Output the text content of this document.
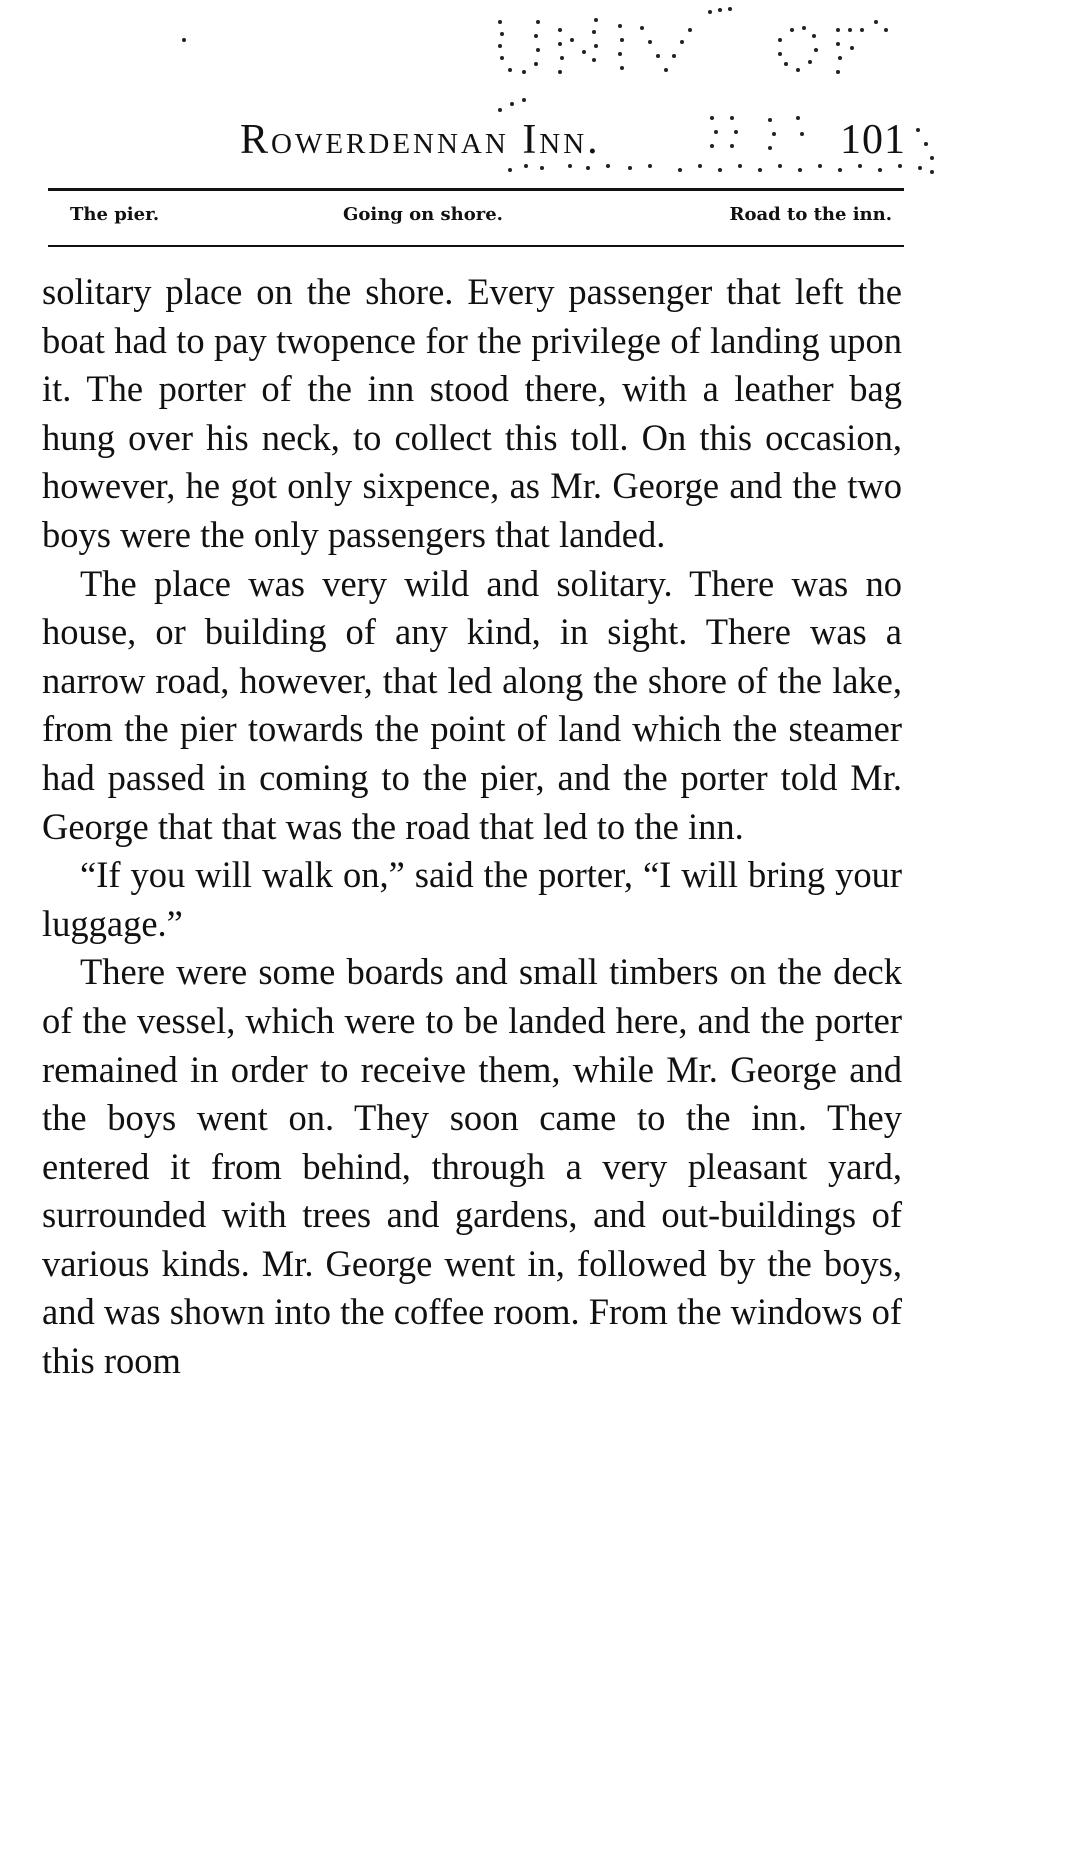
Rowerdennan Inn.	101
The pier.	Going on shore.	Road to the inn.

solitary place on the shore. Every passenger that left the boat had to pay twopence for the privilege of landing upon it. The porter of the inn stood there, with a leather bag hung over his neck, to collect this toll. On this occasion, however, he got only sixpence, as Mr. George and the two boys were the only passengers that landed.

The place was very wild and solitary. There was no house, or building of any kind, in sight. There was a narrow road, however, that led along the shore of the lake, from the pier towards the point of land which the steamer had passed in coming to the pier, and the porter told Mr. George that that was the road that led to the inn.

“If you will walk on,” said the porter, “I will bring your luggage.”

There were some boards and small timbers on the deck of the vessel, which were to be landed here, and the porter remained in order to receive them, while Mr. George and the boys went on. They soon came to the inn. They entered it from behind, through a very pleasant yard, surrounded with trees and gardens, and out-buildings of various kinds. Mr. George went in, followed by the boys, and was shown into the coffee room. From the windows of this room
